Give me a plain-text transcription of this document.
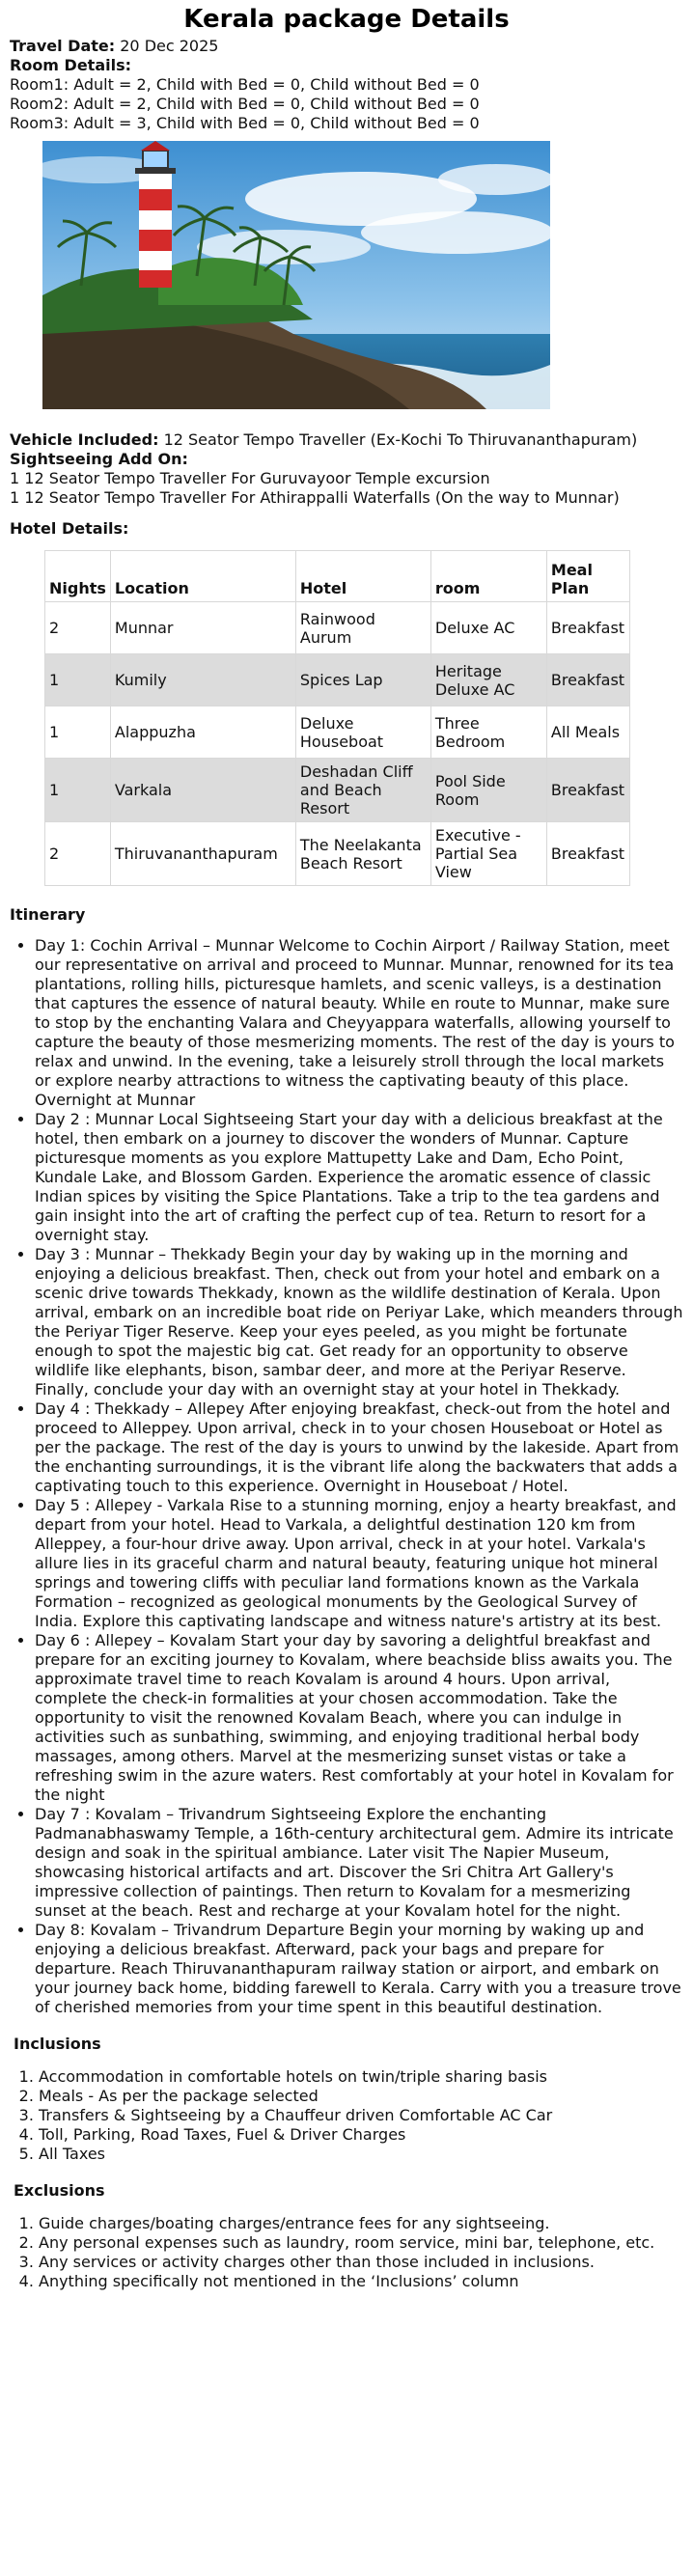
Kerala package Details
Travel Date: 20 Dec 2025
Room Details:
Room1: Adult = 2, Child with Bed = 0, Child without Bed = 0
Room2: Adult = 2, Child with Bed = 0, Child without Bed = 0
Room3: Adult = 3, Child with Bed = 0, Child without Bed = 0
Vehicle Included: 12 Seator Tempo Traveller (Ex-Kochi To Thiruvananthapuram)
Sightseeing Add On:
1 12 Seator Tempo Traveller For Guruvayoor Temple excursion
1 12 Seator Tempo Traveller For Athirappalli Waterfalls (On the way to Munnar)
Hotel Details:
Nights	Location	Hotel	room	Meal Plan
2	Munnar	Rainwood Aurum	Deluxe AC	Breakfast
1	Kumily	Spices Lap	Heritage Deluxe AC	Breakfast
1	Alappuzha	Deluxe Houseboat	Three Bedroom	All Meals
1	Varkala	Deshadan Cliff and Beach Resort	Pool Side Room	Breakfast
2	Thiruvananthapuram	The Neelakanta Beach Resort	Executive - Partial Sea View	Breakfast
Itinerary
• Day 1: Cochin Arrival – Munnar Welcome to Cochin Airport / Railway Station, meet our representative on arrival and proceed to Munnar. Munnar, renowned for its tea plantations, rolling hills, picturesque hamlets, and scenic valleys, is a destination that captures the essence of natural beauty. While en route to Munnar, make sure to stop by the enchanting Valara and Cheyyappara waterfalls, allowing yourself to capture the beauty of those mesmerizing moments. The rest of the day is yours to relax and unwind. In the evening, take a leisurely stroll through the local markets or explore nearby attractions to witness the captivating beauty of this place. Overnight at Munnar
• Day 2 : Munnar Local Sightseeing Start your day with a delicious breakfast at the hotel, then embark on a journey to discover the wonders of Munnar. Capture picturesque moments as you explore Mattupetty Lake and Dam, Echo Point, Kundale Lake, and Blossom Garden. Experience the aromatic essence of classic Indian spices by visiting the Spice Plantations. Take a trip to the tea gardens and gain insight into the art of crafting the perfect cup of tea. Return to resort for a overnight stay.
• Day 3 : Munnar – Thekkady Begin your day by waking up in the morning and enjoying a delicious breakfast. Then, check out from your hotel and embark on a scenic drive towards Thekkady, known as the wildlife destination of Kerala. Upon arrival, embark on an incredible boat ride on Periyar Lake, which meanders through the Periyar Tiger Reserve. Keep your eyes peeled, as you might be fortunate enough to spot the majestic big cat. Get ready for an opportunity to observe wildlife like elephants, bison, sambar deer, and more at the Periyar Reserve. Finally, conclude your day with an overnight stay at your hotel in Thekkady.
• Day 4 : Thekkady – Allepey After enjoying breakfast, check-out from the hotel and proceed to Alleppey. Upon arrival, check in to your chosen Houseboat or Hotel as per the package. The rest of the day is yours to unwind by the lakeside. Apart from the enchanting surroundings, it is the vibrant life along the backwaters that adds a captivating touch to this experience. Overnight in Houseboat / Hotel.
• Day 5 : Allepey - Varkala Rise to a stunning morning, enjoy a hearty breakfast, and depart from your hotel. Head to Varkala, a delightful destination 120 km from Alleppey, a four-hour drive away. Upon arrival, check in at your hotel. Varkala's allure lies in its graceful charm and natural beauty, featuring unique hot mineral springs and towering cliffs with peculiar land formations known as the Varkala Formation – recognized as geological monuments by the Geological Survey of India. Explore this captivating landscape and witness nature's artistry at its best.
• Day 6 : Allepey – Kovalam Start your day by savoring a delightful breakfast and prepare for an exciting journey to Kovalam, where beachside bliss awaits you. The approximate travel time to reach Kovalam is around 4 hours. Upon arrival, complete the check-in formalities at your chosen accommodation. Take the opportunity to visit the renowned Kovalam Beach, where you can indulge in activities such as sunbathing, swimming, and enjoying traditional herbal body massages, among others. Marvel at the mesmerizing sunset vistas or take a refreshing swim in the azure waters. Rest comfortably at your hotel in Kovalam for the night
• Day 7 : Kovalam – Trivandrum Sightseeing Explore the enchanting Padmanabhaswamy Temple, a 16th-century architectural gem. Admire its intricate design and soak in the spiritual ambiance. Later visit The Napier Museum, showcasing historical artifacts and art. Discover the Sri Chitra Art Gallery's impressive collection of paintings. Then return to Kovalam for a mesmerizing sunset at the beach. Rest and recharge at your Kovalam hotel for the night.
• Day 8: Kovalam – Trivandrum Departure Begin your morning by waking up and enjoying a delicious breakfast. Afterward, pack your bags and prepare for departure. Reach Thiruvananthapuram railway station or airport, and embark on your journey back home, bidding farewell to Kerala. Carry with you a treasure trove of cherished memories from your time spent in this beautiful destination.
Inclusions
1. Accommodation in comfortable hotels on twin/triple sharing basis
2. Meals - As per the package selected
3. Transfers & Sightseeing by a Chauffeur driven Comfortable AC Car
4. Toll, Parking, Road Taxes, Fuel & Driver Charges
5. All Taxes
Exclusions
1. Guide charges/boating charges/entrance fees for any sightseeing.
2. Any personal expenses such as laundry, room service, mini bar, telephone, etc.
3. Any services or activity charges other than those included in inclusions.
4. Anything specifically not mentioned in the ‘Inclusions’ column
